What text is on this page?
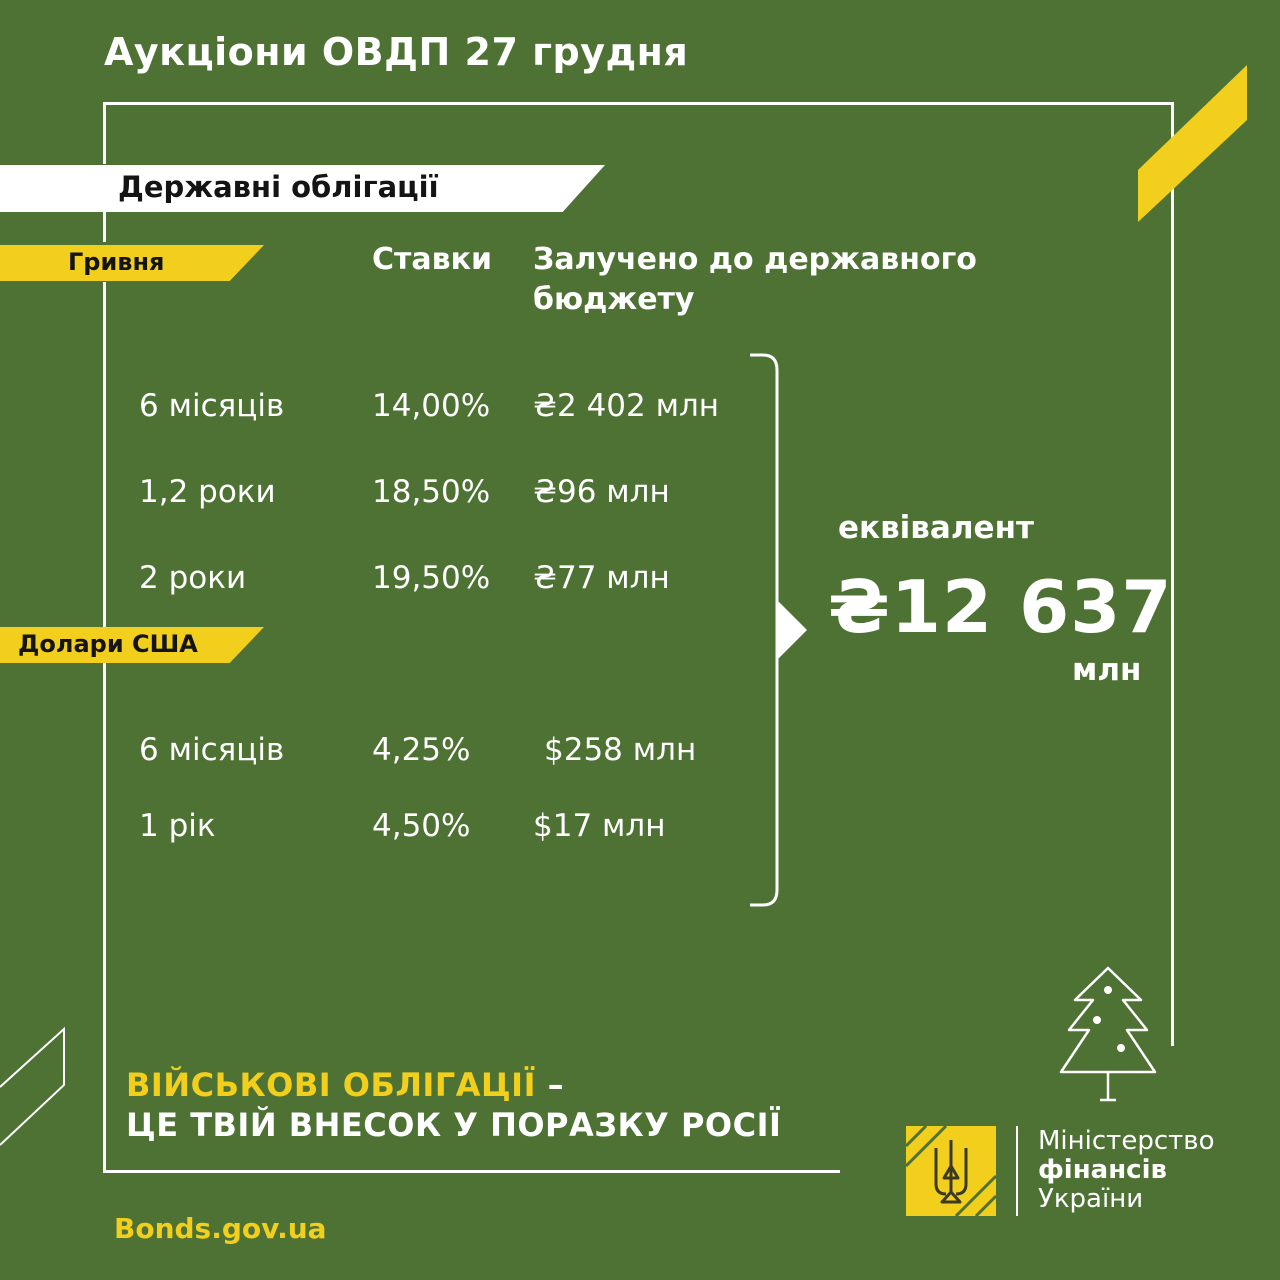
Аукціони ОВДП 27 грудня
Державні облігації
Гривня	Ставки Залучено до державного
бюджету
6 місяців	14,00% ₴2 402 млн
1,2 роки	18,50% ₴96 млн
2 роки	19,50% ₴77 млн
Долари США
6 місяців	4,25% $258 млн
1 рік	4,50% $17 млн
еквівалент
₴12 637
млн
ВІЙСЬКОВІ ОБЛІГАЦІЇ –
ЦЕ ТВІЙ ВНЕСОК У ПОРАЗКУ РОСІЇ
Bonds.gov.ua
Міністерство
фінансів
України
